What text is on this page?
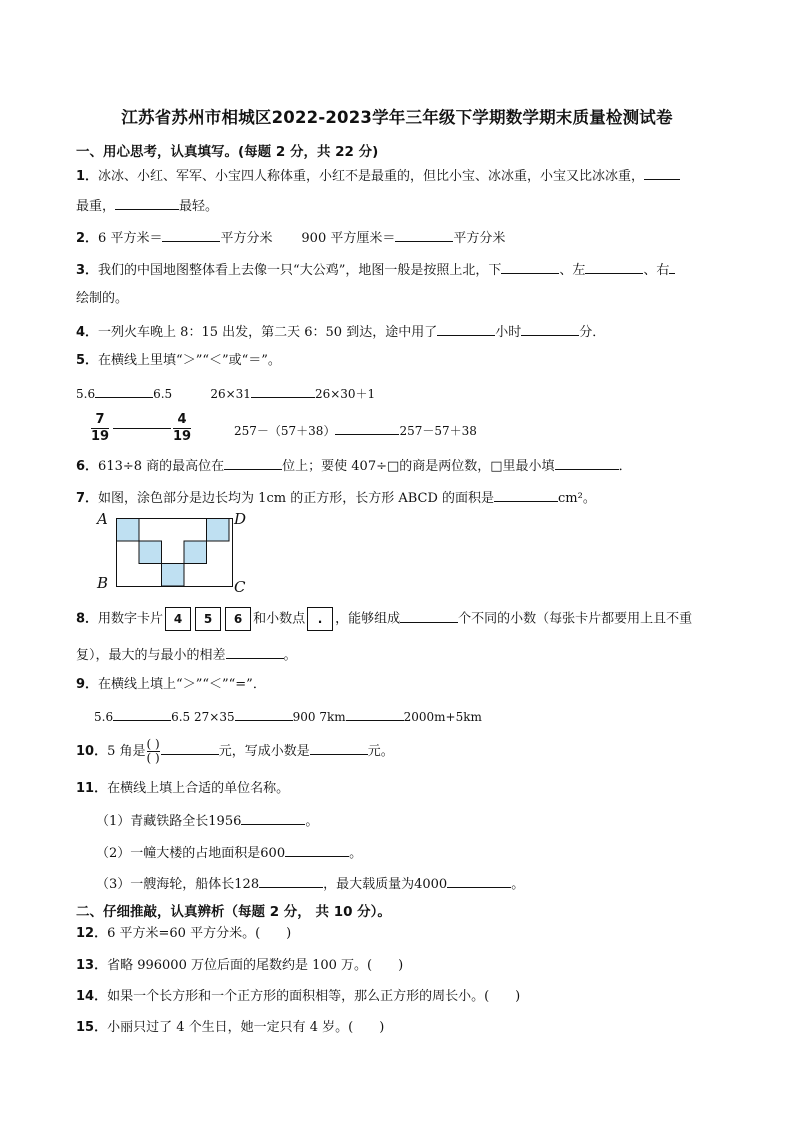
江苏省苏州市相城区2022-2023学年三年级下学期数学期末质量检测试卷
一、用心思考，认真填写。(每题 2 分，共 22 分)
1．冰冰、小红、军军、小宝四人称体重，小红不是最重的，但比小宝、冰冰重，小宝又比冰冰重，
最重，	最轻。
2．6 平方米＝	平方分米 900 平方厘米＝	平方分米
3．我们的中国地图整体看上去像一只“大公鸡”，地图一般是按照上北，下	、左	、右
绘制的。
4．一列火车晚上 8：15 出发，第二天 6：50 到达，途中用了	小时	分．
5．在横线上里填“＞”“＜”或“＝”。
5.6	6.5	26×31	26×30＋1
$\frac{7}{19}$	$\frac{4}{19}$	257－（57＋38）	257－57＋38
6．613÷8 商的最高位在	位上；要使 407÷□的商是两位数，□里最小填	．
7．如图，涂色部分是边长均为 1cm 的正方形，长方形 ABCD 的面积是	cm²。
A	D
B	C
8．用数字卡片 4 5 6 和小数点 . ，能够组成	个不同的小数（每张卡片都要用上且不重
复），最大的与最小的相差	。
9．在横线上填上“＞”“＜”“=”．
5.6	6.5 27×35	900 7km	2000m+5km
10．5 角是 ( )
( )	元，写成小数是	元。
11．在横线上填上合适的单位名称。
（1）青藏铁路全长1956	。
（2）一幢大楼的占地面积是600	。
（3）一艘海轮，船体长128	，最大载质量为4000	。
二、仔细推敲，认真辨析（每题 2 分， 共 10 分）。
12．6 平方米=60 平方分米。(　　)
13．省略 996000 万位后面的尾数约是 100 万。(　　)
14．如果一个长方形和一个正方形的面积相等，那么正方形的周长小。(　　)
15．小丽只过了 4 个生日，她一定只有 4 岁。(　　)
